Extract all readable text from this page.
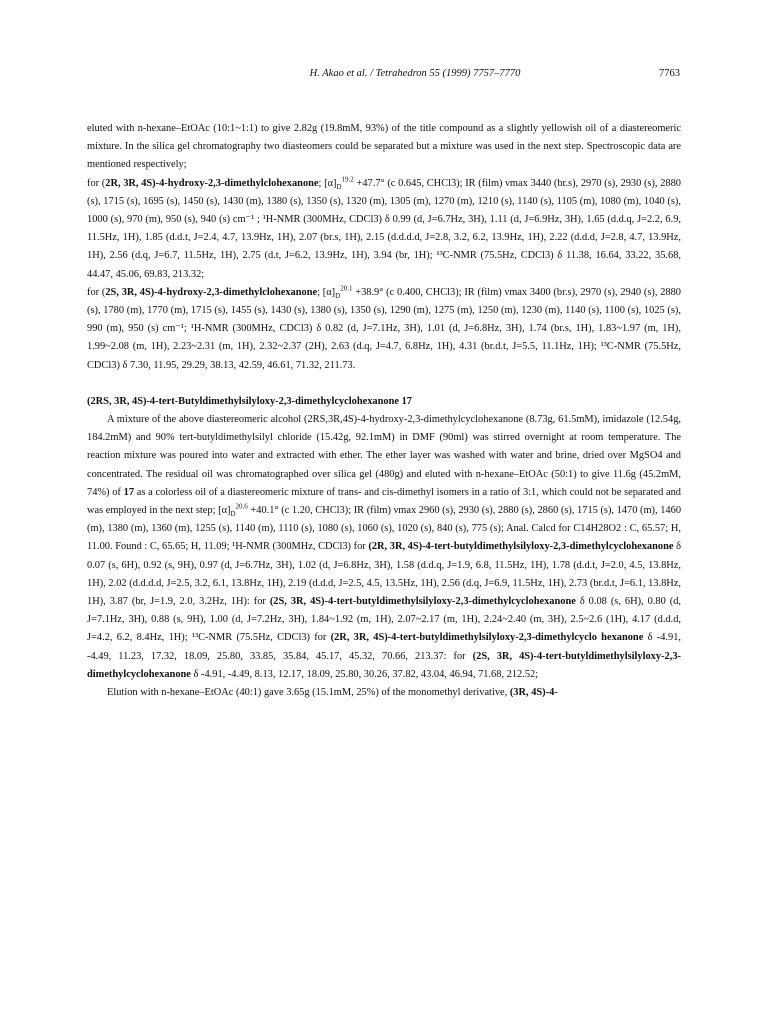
H. Akao et al. / Tetrahedron 55 (1999) 7757–7770	7763

eluted with n-hexane–EtOAc (10:1~1:1) to give 2.82g (19.8mM, 93%) of the title compound as a slightly yellowish oil of a diastereomeric mixture. In the silica gel chromatography two diasteomers could be separated but a mixture was used in the next step. Spectroscopic data are mentioned respectively;

for (2R, 3R, 4S)-4-hydroxy-2,3-dimethylclohexanone; $[\alpha]_D^{19.2} +47.7^\circ$ (c 0.645, CHCl3); IR (film) νmax 3440 (br.s), 2970 (s), 2930 (s), 2880 (s), 1715 (s), 1695 (s), 1450 (s), 1430 (m), 1380 (s), 1350 (s), 1320 (m), 1305 (m), 1270 (m), 1210 (s), 1140 (s), 1105 (m), 1080 (m), 1040 (s), 1000 (s), 970 (m), 950 (s), 940 (s) cm⁻¹ ; ¹H-NMR (300MHz, CDCl3) δ 0.99 (d, J=6.7Hz, 3H), 1.11 (d, J=6.9Hz, 3H), 1.65 (d.d.q, J=2.2, 6.9, 11.5Hz, 1H), 1.85 (d.d.t, J=2.4, 4.7, 13.9Hz, 1H), 2.07 (br.s, 1H), 2.15 (d.d.d.d, J=2.8, 3.2, 6.2, 13.9Hz, 1H), 2.22 (d.d.d, J=2.8, 4.7, 13.9Hz, 1H), 2.56 (d.q, J=6.7, 11.5Hz, 1H), 2.75 (d.t, J=6.2, 13.9Hz, 1H), 3.94 (br, 1H); ¹³C-NMR (75.5Hz, CDCl3) δ 11.38, 16.64, 33.22, 35.68, 44.47, 45.06, 69.83, 213.32;

for (2S, 3R, 4S)-4-hydroxy-2,3-dimethylclohexanone; $[\alpha]_D^{20.1} +38.9^\circ$ (c 0.400, CHCl3); IR (film) νmax 3400 (br.s), 2970 (s), 2940 (s), 2880 (s), 1780 (m), 1770 (m), 1715 (s), 1455 (s), 1430 (s), 1380 (s), 1350 (s), 1290 (m), 1275 (m), 1250 (m), 1230 (m), 1140 (s), 1100 (s), 1025 (s), 990 (m), 950 (s) cm⁻¹; ¹H-NMR (300MHz, CDCl3) δ 0.82 (d, J=7.1Hz, 3H), 1.01 (d, J=6.8Hz, 3H), 1.74 (br.s, 1H), 1.83~1.97 (m, 1H), 1.99~2.08 (m, 1H), 2.23~2.31 (m, 1H), 2.32~2.37 (2H), 2.63 (d.q, J=4.7, 6.8Hz, 1H), 4.31 (br.d.t, J=5.5, 11.1Hz, 1H); ¹³C-NMR (75.5Hz, CDCl3) δ 7.30, 11.95, 29.29, 38.13, 42.59, 46.61, 71.32, 211.73.

(2RS, 3R, 4S)-4-tert-Butyldimethylsilyloxy-2,3-dimethylcyclohexanone 17

A mixture of the above diastereomeric alcohol (2RS,3R,4S)-4-hydroxy-2,3-dimethylcyclohexanone (8.73g, 61.5mM), imidazole (12.54g, 184.2mM) and 90% tert-butyldimethylsilyl chloride (15.42g, 92.1mM) in DMF (90ml) was stirred overnight at room temperature. The reaction mixture was poured into water and extracted with ether. The ether layer was washed with water and brine, dried over MgSO4 and concentrated. The residual oil was chromatographed over silica gel (480g) and eluted with n-hexane–EtOAc (50:1) to give 11.6g (45.2mM, 74%) of 17 as a colorless oil of a diastereomeric mixture of trans- and cis-dimethyl isomers in a ratio of 3:1, which could not be separated and was employed in the next step; $[\alpha]_D^{20.6} +40.1^\circ$ (c 1.20, CHCl3); IR (film) νmax 2960 (s), 2930 (s), 2880 (s), 2860 (s), 1715 (s), 1470 (m), 1460 (m), 1380 (m), 1360 (m), 1255 (s), 1140 (m), 1110 (s), 1080 (s), 1060 (s), 1020 (s), 840 (s), 775 (s); Anal. Calcd for C14H28O2 : C, 65.57; H, 11.00. Found : C, 65.65; H, 11.09; ¹H-NMR (300MHz, CDCl3) for (2R, 3R, 4S)-4-tert-butyldimethylsilyloxy-2,3-dimethylcyclohexanone δ 0.07 (s, 6H), 0.92 (s, 9H), 0.97 (d, J=6.7Hz, 3H), 1.02 (d, J=6.8Hz, 3H), 1.58 (d.d.q, J=1.9, 6.8, 11.5Hz, 1H), 1.78 (d.d.t, J=2.0, 4.5, 13.8Hz, 1H), 2.02 (d.d.d.d, J=2.5, 3.2, 6.1, 13.8Hz, 1H), 2.19 (d.d.d, J=2.5, 4.5, 13.5Hz, 1H), 2.56 (d.q, J=6.9, 11.5Hz, 1H), 2.73 (br.d.t, J=6.1, 13.8Hz, 1H), 3.87 (br, J=1.9, 2.0, 3.2Hz, 1H): for (2S, 3R, 4S)-4-tert-butyldimethylsilyloxy-2,3-dimethylcyclohexanone δ 0.08 (s, 6H), 0.80 (d, J=7.1Hz, 3H), 0.88 (s, 9H), 1.00 (d, J=7.2Hz, 3H), 1.84~1.92 (m, 1H), 2.07~2.17 (m, 1H), 2.24~2.40 (m, 3H), 2.5~2.6 (1H), 4.17 (d.d.d, J=4.2, 6.2, 8.4Hz, 1H); ¹³C-NMR (75.5Hz, CDCl3) for (2R, 3R, 4S)-4-tert-butyldimethylsilyloxy-2,3-dimethylcyclo hexanone δ -4.91, -4.49, 11.23, 17.32, 18.09, 25.80, 33.85, 35.84, 45.17, 45.32, 70.66, 213.37: for (2S, 3R, 4S)-4-tert-butyldimethylsilyloxy-2,3-dimethylcyclohexanone δ -4.91, -4.49, 8.13, 12.17, 18.09, 25.80, 30.26, 37.82, 43.04, 46.94, 71.68, 212.52;

Elution with n-hexane–EtOAc (40:1) gave 3.65g (15.1mM, 25%) of the monomethyl derivative, (3R, 4S)-4-
